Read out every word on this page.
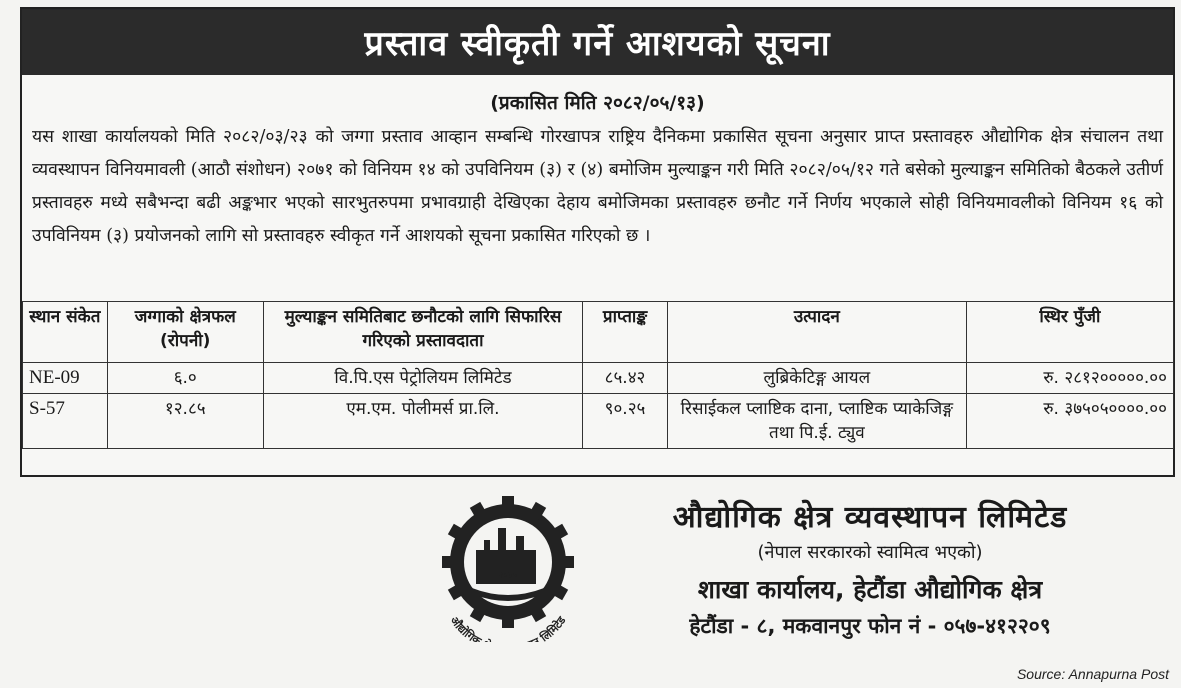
प्रस्ताव स्वीकृती गर्ने आशयको सूचना
(प्रकासित मिति २०८२/०५/१३)
यस शाखा कार्यालयको मिति २०८२/०३/२३ को जग्गा प्रस्ताव आव्हान सम्बन्धि गोरखापत्र राष्ट्रिय दैनिकमा प्रकासित सूचना अनुसार प्राप्त प्रस्तावहरु औद्योगिक क्षेत्र संचालन तथा व्यवस्थापन विनियमावली (आठौ संशोधन) २०७१ को विनियम १४ को उपविनियम (३) र (४) बमोजिम मुल्याङ्कन गरी मिति २०८२/०५/१२ गते बसेको मुल्याङ्कन समितिको बैठकले उतीर्ण प्रस्तावहरु मध्ये सबैभन्दा बढी अङ्कभार भएको सारभुतरुपमा प्रभावग्राही देखिएका देहाय बमोजिमका प्रस्तावहरु छनौट गर्ने निर्णय भएकाले सोही विनियमावलीको विनियम १६ को उपविनियम (३) प्रयोजनको लागि सो प्रस्तावहरु स्वीकृत गर्ने आशयको सूचना प्रकासित गरिएको छ ।
स्थान संकेत	जग्गाको क्षेत्रफल (रोपनी)	मुल्याङ्कन समितिबाट छनौटको लागि सिफारिस गरिएको प्रस्तावदाता	प्राप्ताङ्क	उत्पादन	स्थिर पुँजी
NE-09	६.०	वि.पि.एस पेट्रोलियम लिमिटेड	८५.४२	लुब्रिकेटिङ्ग आयल	रु. २८१२०००००.००
S-57	१२.८५	एम.एम. पोलीमर्स प्रा.लि.	९०.२५	रिसाईकल प्लाष्टिक दाना, प्लाष्टिक प्याकेजिङ्ग तथा पि.ई. ट्युव	रु. ३७५०५००००.००
२०४५
औद्योगिक न लिमिटेड
औद्योगिक क्षेत्र व्यवस्थापन लिमिटेड
(नेपाल सरकारको स्वामित्व भएको)
शाखा कार्यालय, हेटौंडा औद्योगिक क्षेत्र
हेटौंडा - ८, मकवानपुर फोन नं - ०५७-४१२२०९
Source: Annapurna Post
